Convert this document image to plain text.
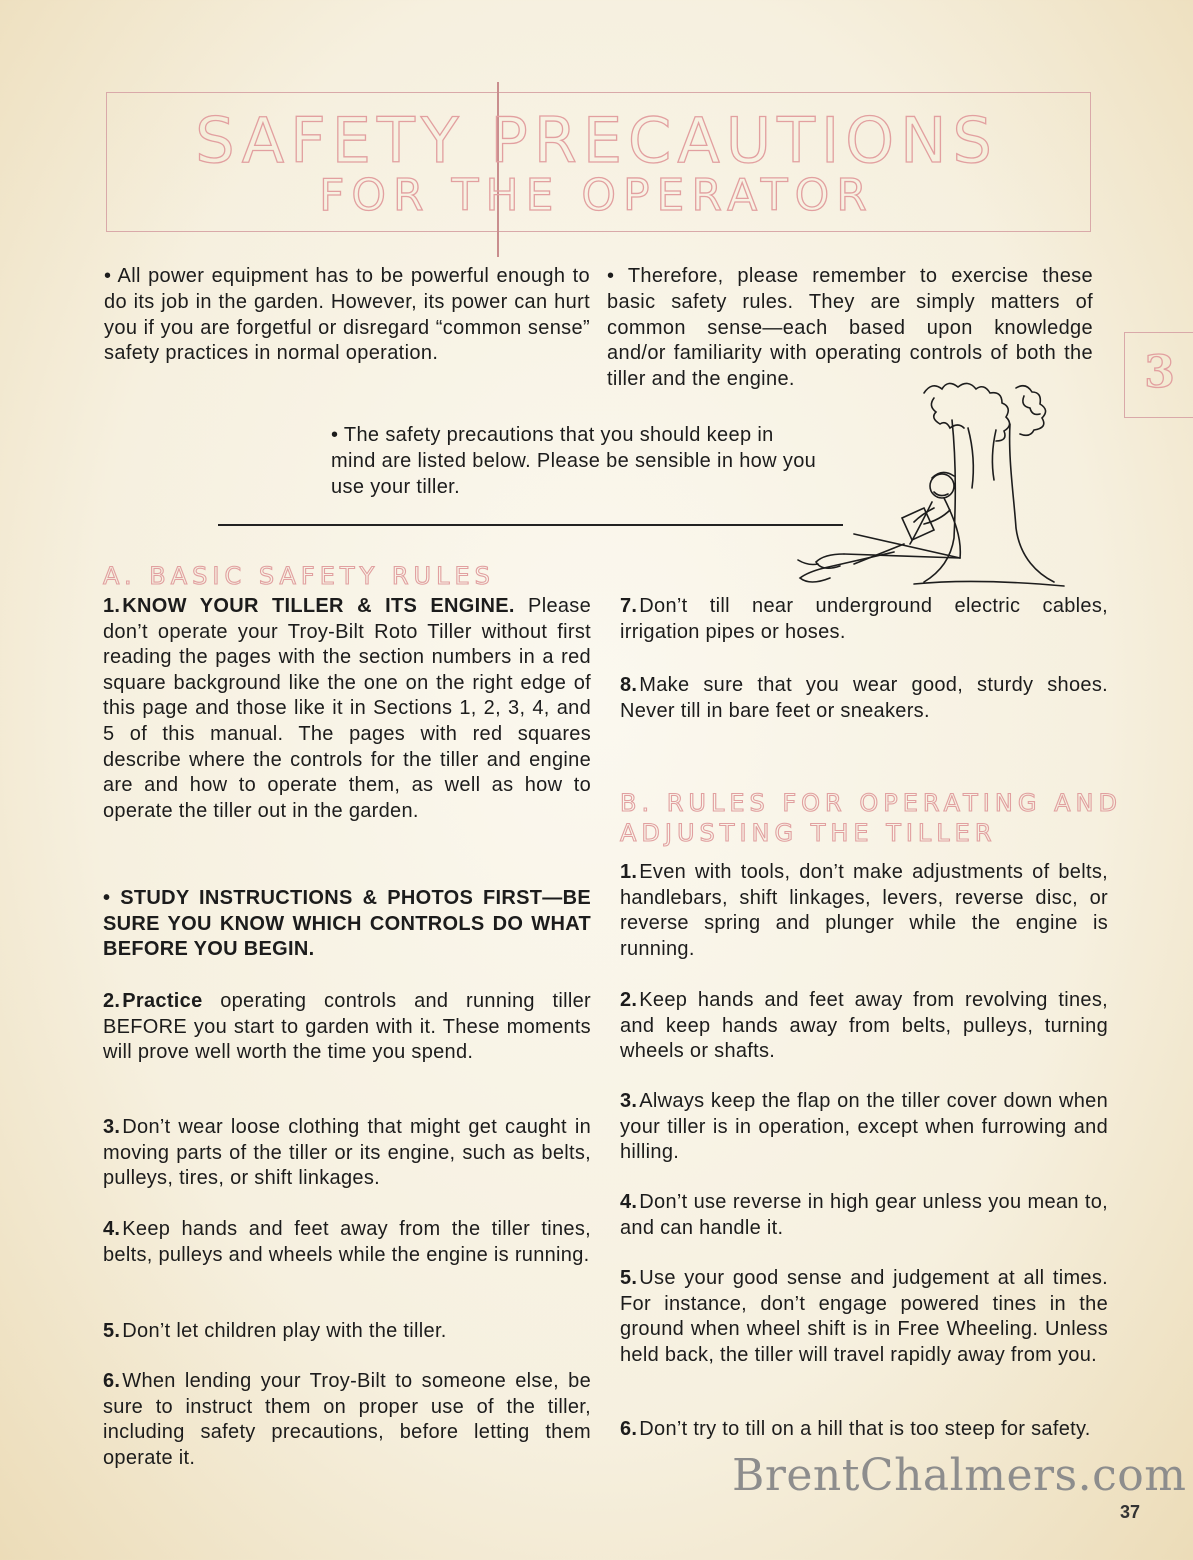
SAFETY PRECAUTIONS
FOR THE OPERATOR
3

• All power equipment has to be powerful enough to do its job in the garden. However, its power can hurt you if you are forgetful or disregard “common sense” safety practices in normal operation.

• Therefore, please remember to exercise these basic safety rules. They are simply matters of common sense—each based upon knowledge and/or familiarity with operating controls of both the tiller and the engine.

• The safety precautions that you should keep in mind are listed below. Please be sensible in how you use your tiller.

A. BASIC SAFETY RULES

1. KNOW YOUR TILLER & ITS ENGINE. Please don’t operate your Troy-Bilt Roto Tiller without first reading the pages with the section numbers in a red square background like the one on the right edge of this page and those like it in Sections 1, 2, 3, 4, and 5 of this manual. The pages with red squares describe where the controls for the tiller and engine are and how to operate them, as well as how to operate the tiller out in the garden.

• STUDY INSTRUCTIONS & PHOTOS FIRST—BE SURE YOU KNOW WHICH CONTROLS DO WHAT BEFORE YOU BEGIN.

2. Practice operating controls and running tiller BEFORE you start to garden with it. These moments will prove well worth the time you spend.

3. Don’t wear loose clothing that might get caught in moving parts of the tiller or its engine, such as belts, pulleys, tires, or shift linkages.

4. Keep hands and feet away from the tiller tines, belts, pulleys and wheels while the engine is running.

5. Don’t let children play with the tiller.

6. When lending your Troy-Bilt to someone else, be sure to instruct them on proper use of the tiller, including safety precautions, before letting them operate it.

7. Don’t till near underground electric cables, irrigation pipes or hoses.

8. Make sure that you wear good, sturdy shoes. Never till in bare feet or sneakers.

B. RULES FOR OPERATING AND
ADJUSTING THE TILLER

1. Even with tools, don’t make adjustments of belts, handlebars, shift linkages, levers, reverse disc, or reverse spring and plunger while the engine is running.

2. Keep hands and feet away from revolving tines, and keep hands away from belts, pulleys, turning wheels or shafts.

3. Always keep the flap on the tiller cover down when your tiller is in operation, except when furrowing and hilling.

4. Don’t use reverse in high gear unless you mean to, and can handle it.

5. Use your good sense and judgement at all times. For instance, don’t engage powered tines in the ground when wheel shift is in Free Wheeling. Unless held back, the tiller will travel rapidly away from you.

6. Don’t try to till on a hill that is too steep for safety.

BrentChalmers.com
37
